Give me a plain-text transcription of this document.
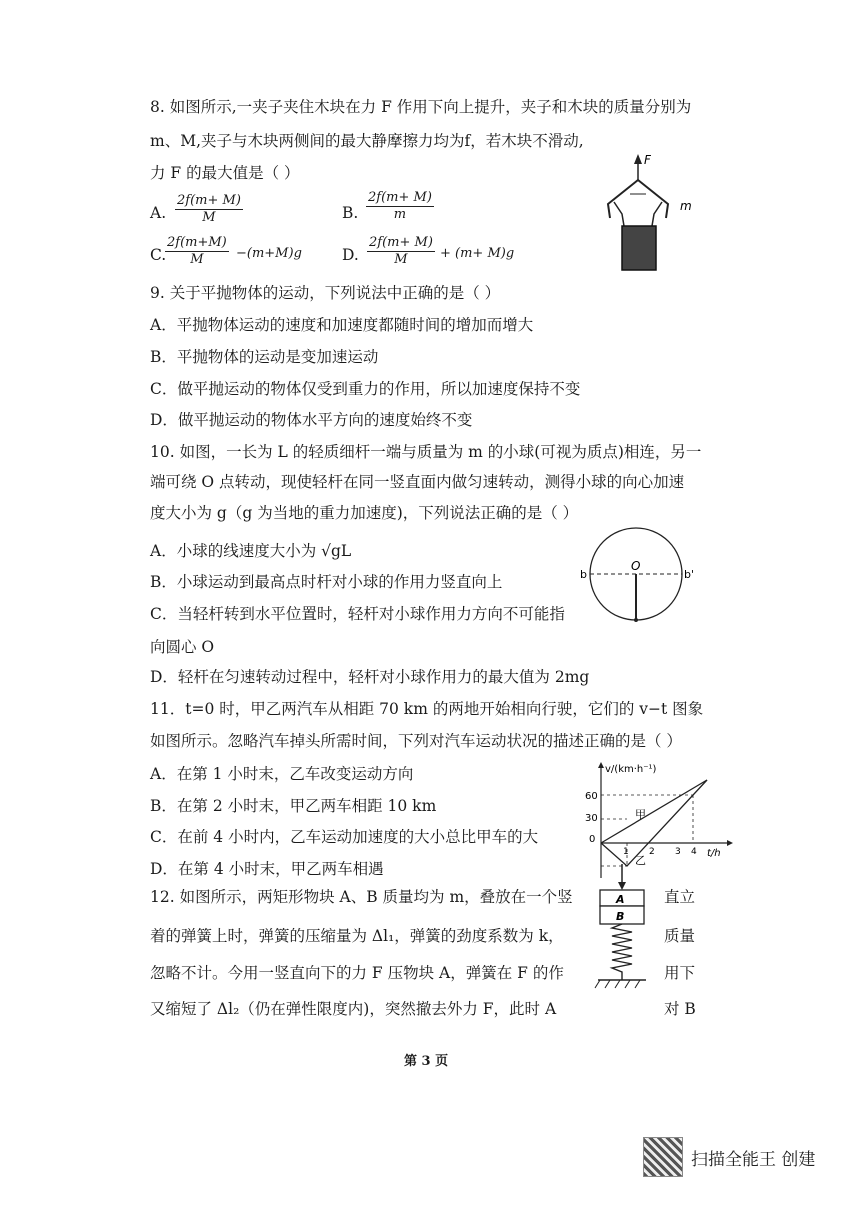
8. 如图所示,一夹子夹住木块在力 F 作用下向上提升，夹子和木块的质量分别为
m、M,夹子与木块两侧间的最大静摩擦力均为f，若木块不滑动,
力 F 的最大值是（ ）
A. $\frac{2f(m+ M)}{M}$	B. $\frac{2f(m+ M)}{m}$
C.
$\frac{2f(m+M)}{M} -(m+M)g$	D. $\frac{2f(m+ M)}{M} + (m+ M)g$
F
m
9. 关于平抛物体的运动，下列说法中正确的是（ ）
A．平抛物体运动的速度和加速度都随时间的增加而增大
B．平抛物体的运动是变加速运动
C．做平抛运动的物体仅受到重力的作用，所以加速度保持不变
D．做平抛运动的物体水平方向的速度始终不变
10. 如图，一长为 L 的轻质细杆一端与质量为 m 的小球(可视为质点)相连，另一
端可绕 O 点转动，现使轻杆在同一竖直面内做匀速转动，测得小球的向心加速
度大小为 g（g 为当地的重力加速度)，下列说法正确的是（ ）
A．小球的线速度大小为 √gL
B．小球运动到最高点时杆对小球的作用力竖直向上
C．当轻杆转到水平位置时，轻杆对小球作用力方向不可能指
向圆心 O
D．轻杆在匀速转动过程中，轻杆对小球作用力的最大值为 2mg
b
O
b'
11．t=0 时，甲乙两汽车从相距 70 km 的两地开始相向行驶，它们的 v−t 图象
如图所示。忽略汽车掉头所需时间，下列对汽车运动状况的描述正确的是（ ）
A．在第 1 小时末，乙车改变运动方向
B．在第 2 小时末，甲乙两车相距 10 km
C．在前 4 小时内，乙车运动加速度的大小总比甲车的大
D．在第 4 小时末，甲乙两车相遇
v/(km·h⁻¹)
t/h
60
30
0
1 2 3 4
甲
乙
12. 如图所示，两矩形物块 A、B 质量均为 m，叠放在一个竖
着的弹簧上时，弹簧的压缩量为 Δl₁，弹簧的劲度系数为 k，
忽略不计。今用一竖直向下的力 F 压物块 A，弹簧在 F 的作
又缩短了 Δl₂（仍在弹性限度内)，突然撤去外力 F，此时 A
直立
质量
用下
对 B
A
B
第 3 页
扫描全能王 创建
